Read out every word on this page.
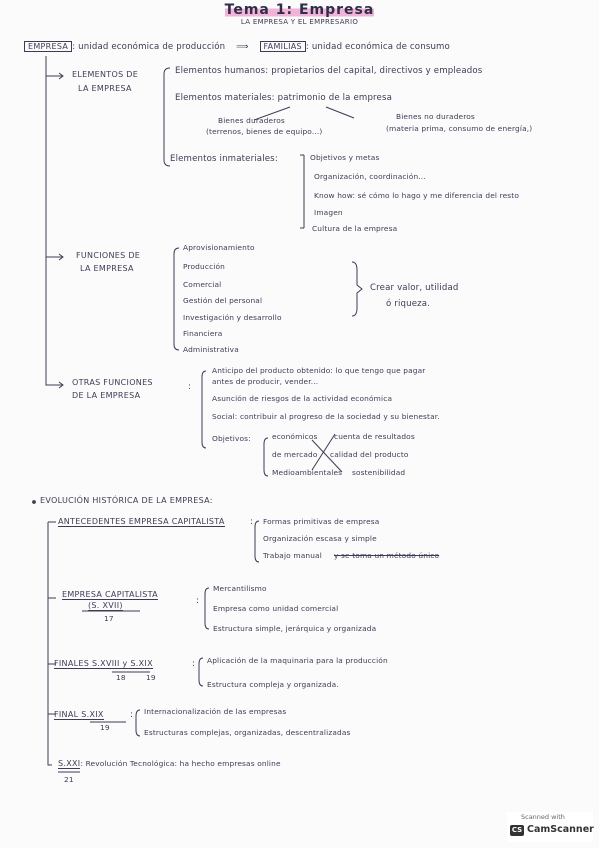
Tema 1: Empresa
LA EMPRESA Y EL EMPRESARIO
EMPRESA : unidad económica de producción ⟹ FAMILIAS : unidad económica de consumo
ELEMENTOS DE
LA EMPRESA
Elementos humanos: propietarios del capital, directivos y empleados
Elementos materiales: patrimonio de la empresa
Bienes duraderos
(terrenos, bienes de equipo...)
Bienes no duraderos
(materia prima, consumo de energía,)
Elementos inmateriales:	Objetivos y metas
Organización, coordinación...
Know how: sé cómo lo hago y me diferencia del resto
Imagen
Cultura de la empresa
FUNCIONES DE
LA EMPRESA
Aprovisionamiento
Producción
Comercial
Gestión del personal
Investigación y desarrollo
Financiera
Administrativa
Crear valor, utilidad
ó riqueza.
OTRAS FUNCIONES
DE LA EMPRESA
:
Anticipo del producto obtenido: lo que tengo que pagar
antes de producir, vender...
Asunción de riesgos de la actividad económica
Social: contribuir al progreso de la sociedad y su bienestar.
Objetivos:	económicos cuenta de resultados
de mercado calidad del producto
Medioambientales sostenibilidad
EVOLUCIÓN HISTÓRICA DE LA EMPRESA:
ANTECEDENTES EMPRESA CAPITALISTA	: Formas primitivas de empresa
Organización escasa y simple
Trabajo manual y se toma un método único
EMPRESA CAPITALISTA
(S. XVII)
17
:
Mercantilismo
Empresa como unidad comercial
Estructura simple, jerárquica y organizada
FINALES S.XVIII y S.XIX
18	19
: Aplicación de la maquinaria para la producción
Estructura compleja y organizada.
FINAL S.XIX
19
: Internacionalización de las empresas
Estructuras complejas, organizadas, descentralizadas
S.XXI: Revolución Tecnológica: ha hecho empresas online
21
Scanned with
CS CamScanner
